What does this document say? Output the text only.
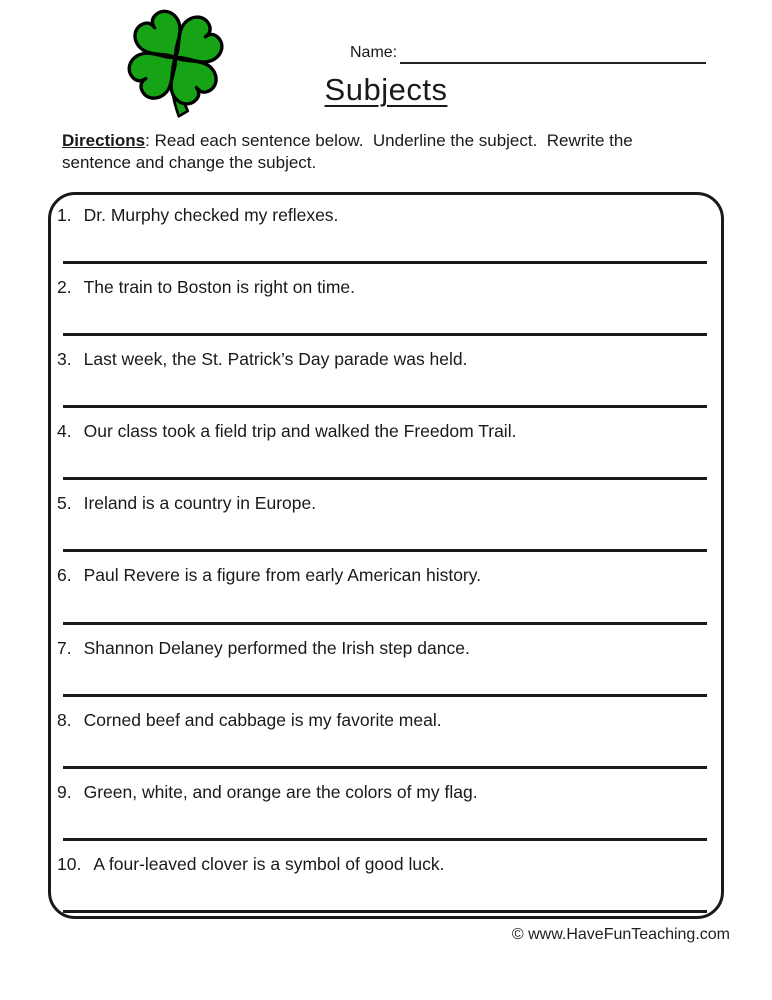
Name:
Subjects
Directions: Read each sentence below.  Underline the subject.  Rewrite the
sentence and change the subject.
1. Dr. Murphy checked my reflexes.
2. The train to Boston is right on time.
3. Last week, the St. Patrick’s Day parade was held.
4. Our class took a field trip and walked the Freedom Trail.
5. Ireland is a country in Europe.
6. Paul Revere is a figure from early American history.
7. Shannon Delaney performed the Irish step dance.
8. Corned beef and cabbage is my favorite meal.
9. Green, white, and orange are the colors of my flag.
10. A four-leaved clover is a symbol of good luck.
© www.HaveFunTeaching.com
